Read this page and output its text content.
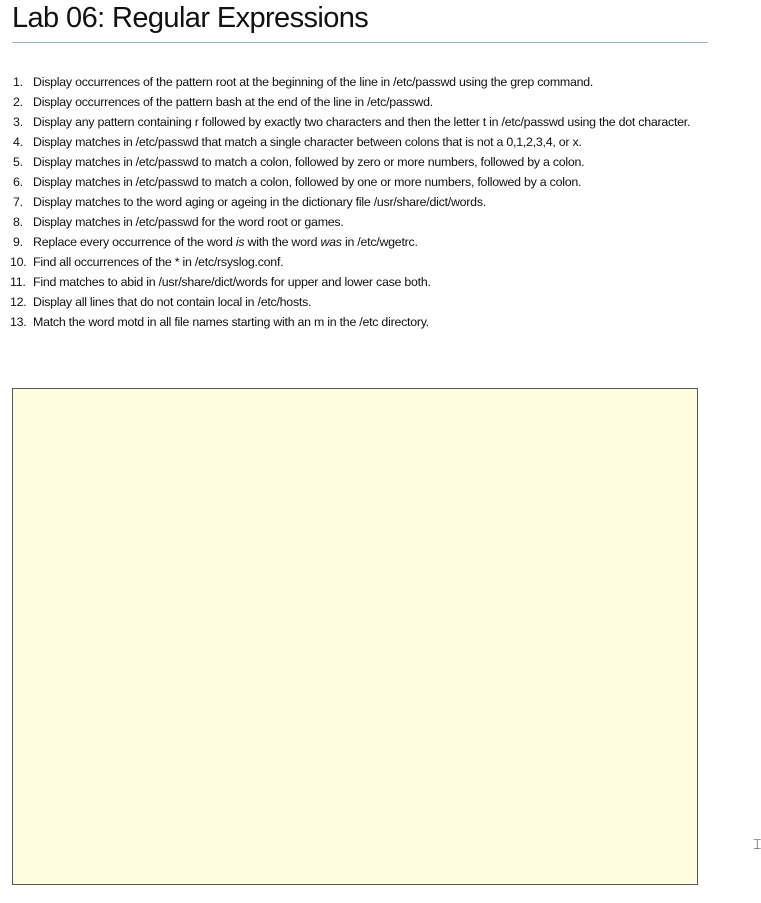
Lab 06: Regular Expressions
1. Display occurrences of the pattern root at the beginning of the line in /etc/passwd using the grep command.
2. Display occurrences of the pattern bash at the end of the line in /etc/passwd.
3. Display any pattern containing r followed by exactly two characters and then the letter t in /etc/passwd using the dot character.
4. Display matches in /etc/passwd that match a single character between colons that is not a 0,1,2,3,4, or x.
5. Display matches in /etc/passwd to match a colon, followed by zero or more numbers, followed by a colon.
6. Display matches in /etc/passwd to match a colon, followed by one or more numbers, followed by a colon.
7. Display matches to the word aging or ageing in the dictionary file /usr/share/dict/words.
8. Display matches in /etc/passwd for the word root or games.
9. Replace every occurrence of the word is with the word was in /etc/wgetrc.
10. Find all occurrences of the * in /etc/rsyslog.conf.
11. Find matches to abid in /usr/share/dict/words for upper and lower case both.
12. Display all lines that do not contain local in /etc/hosts.
13. Match the word motd in all file names starting with an m in the /etc directory.
⌶
